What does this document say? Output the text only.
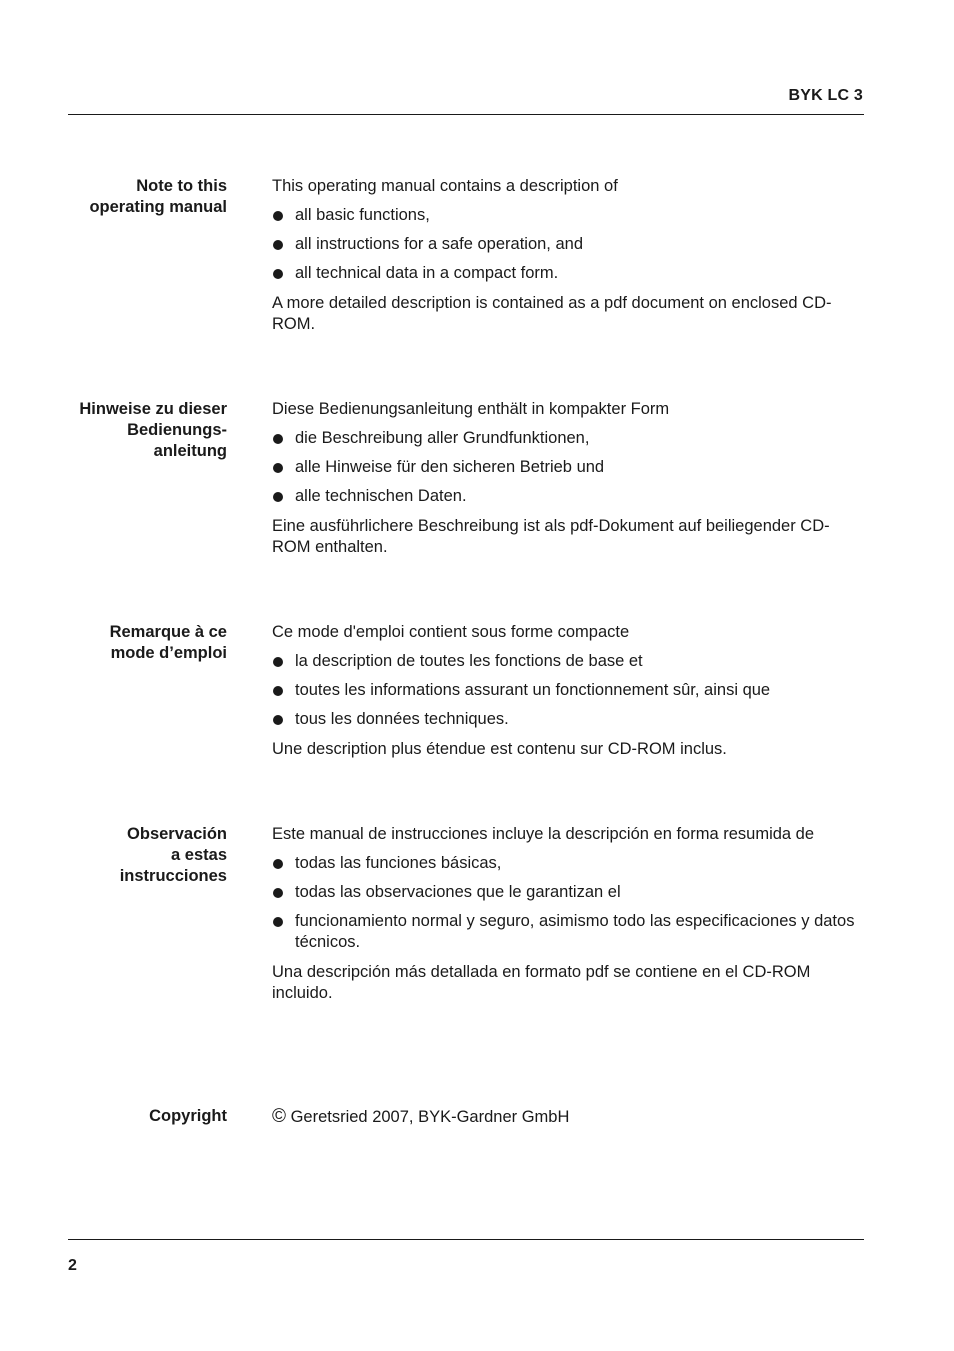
BYK LC 3
Note to this
operating manual

This operating manual contains a description of

all basic functions,
all instructions for a safe operation, and
all technical data in a compact form.

A more detailed description is contained as a pdf document on enclosed CD-ROM.

Hinweise zu dieser
Bedienungs-
anleitung

Diese Bedienungsanleitung enthält in kompakter Form

die Beschreibung aller Grundfunktionen,
alle Hinweise für den sicheren Betrieb und
alle technischen Daten.

Eine ausführlichere Beschreibung ist als pdf-Dokument auf beiliegender CD-ROM enthalten.

Remarque à ce
mode d’emploi

Ce mode d'emploi contient sous forme compacte

la description de toutes les fonctions de base et
toutes les informations assurant un fonctionnement sûr, ainsi que
tous les données techniques.

Une description plus étendue est contenu sur CD-ROM inclus.

Observación
a estas
instrucciones

Este manual de instrucciones incluye la descripción en forma resumida de

todas las funciones básicas,
todas las observaciones que le garantizan el
funcionamiento normal y seguro, asimismo todo las especificaciones y datos técnicos.

Una descripción más detallada en formato pdf se contiene en el CD-ROM incluido.

Copyright © Geretsried 2007, BYK-Gardner GmbH

2
